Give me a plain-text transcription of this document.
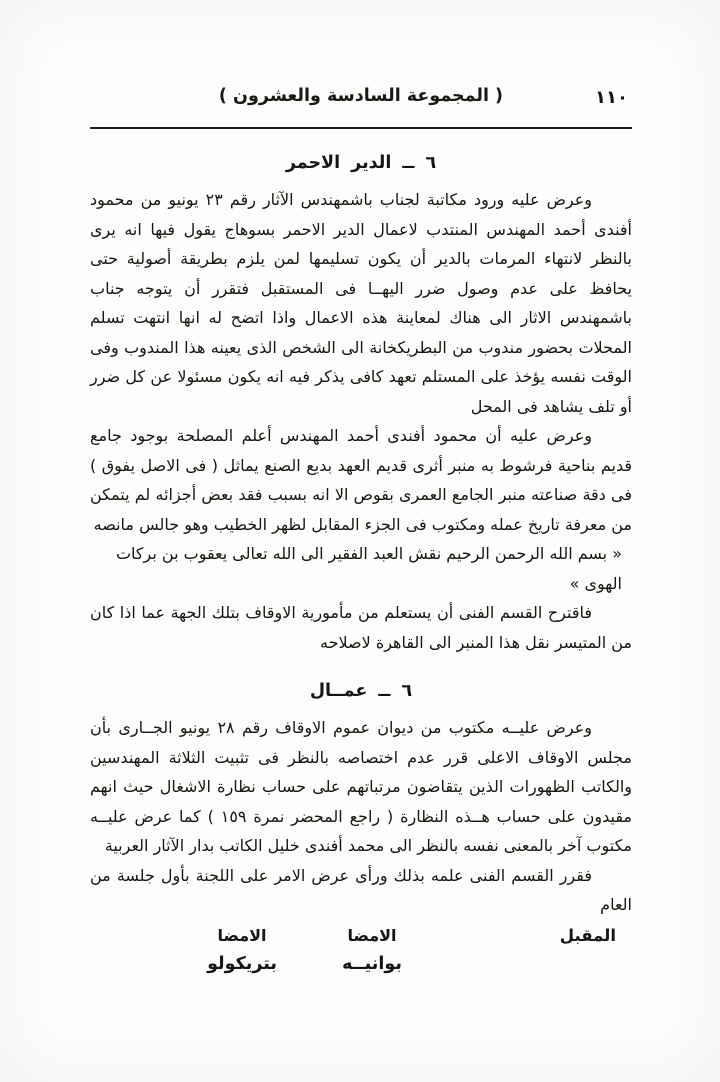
١١٠
( المجموعة السادسة والعشرون )
٦ ــ الدير الاحمر

وعرض عليه ورود مكاتبة لجناب باشمهندس الآثار رقم ٢٣ يونيو من محمود أفندى أحمد المهندس المنتدب لاعمال الدير الاحمر بسوهاج يقول فيها انه يرى بالنظر لانتهاء المرمات بالدير أن يكون تسليمها لمن يلزم بطريقة أصولية حتى يحافظ على عدم وصول ضرر اليهــا فى المستقبل فتقرر أن يتوجه جناب باشمهندس الاثار الى هناك لمعاينة هذه الاعمال واذا اتضح له انها انتهت تسلم المحلات بحضور مندوب من البطريكخانة الى الشخص الذى يعينه هذا المندوب وفى الوقت نفسه يؤخذ على المستلم تعهد كافى يذكر فيه انه يكون مسئولا عن كل ضرر أو تلف يشاهد فى المحل

وعرض عليه أن محمود أفندى أحمد المهندس أعلم المصلحة بوجود جامع قديم بناحية فرشوط به منبر أثرى قديم العهد بديع الصنع يماثل ( فى الاصل يفوق ) فى دقة صناعته منبر الجامع العمرى بقوص الا انه بسبب فقد بعض أجزائه لم يتمكن من معرفة تاريخ عمله ومكتوب فى الجزء المقابل لظهر الخطيب وهو جالس مانصه

« بسم الله الرحمن الرحيم نقش العبد الفقير الى الله تعالى يعقوب بن بركات الهوى »

فاقترح القسم الفنى أن يستعلم من مأمورية الاوقاف بتلك الجهة عما اذا كان من المتيسر نقل هذا المنبر الى القاهرة لاصلاحه

٦ ــ عمــال

وعرض عليــه مكتوب من ديوان عموم الاوقاف رقم ٢٨ يونيو الجــارى بأن مجلس الاوقاف الاعلى قرر عدم اختصاصه بالنظر فى تثبيت الثلاثة المهندسين والكاتب الظهورات الذين يتقاضون مرتباتهم على حساب نظارة الاشغال حيث انهم مقيدون على حساب هــذه النظارة ( راجع المحضر نمرة ١٥٩ ) كما عرض عليــه مكتوب آخر بالمعنى نفسه بالنظر الى محمد أفندى خليل الكاتب بدار الآثار العربية

فقرر القسم الفنى علمه بذلك ورأى عرض الامر على اللجنة بأول جلسة من العام

المقبل
الامضا
بوانيــه
الامضا
بتريكولو
